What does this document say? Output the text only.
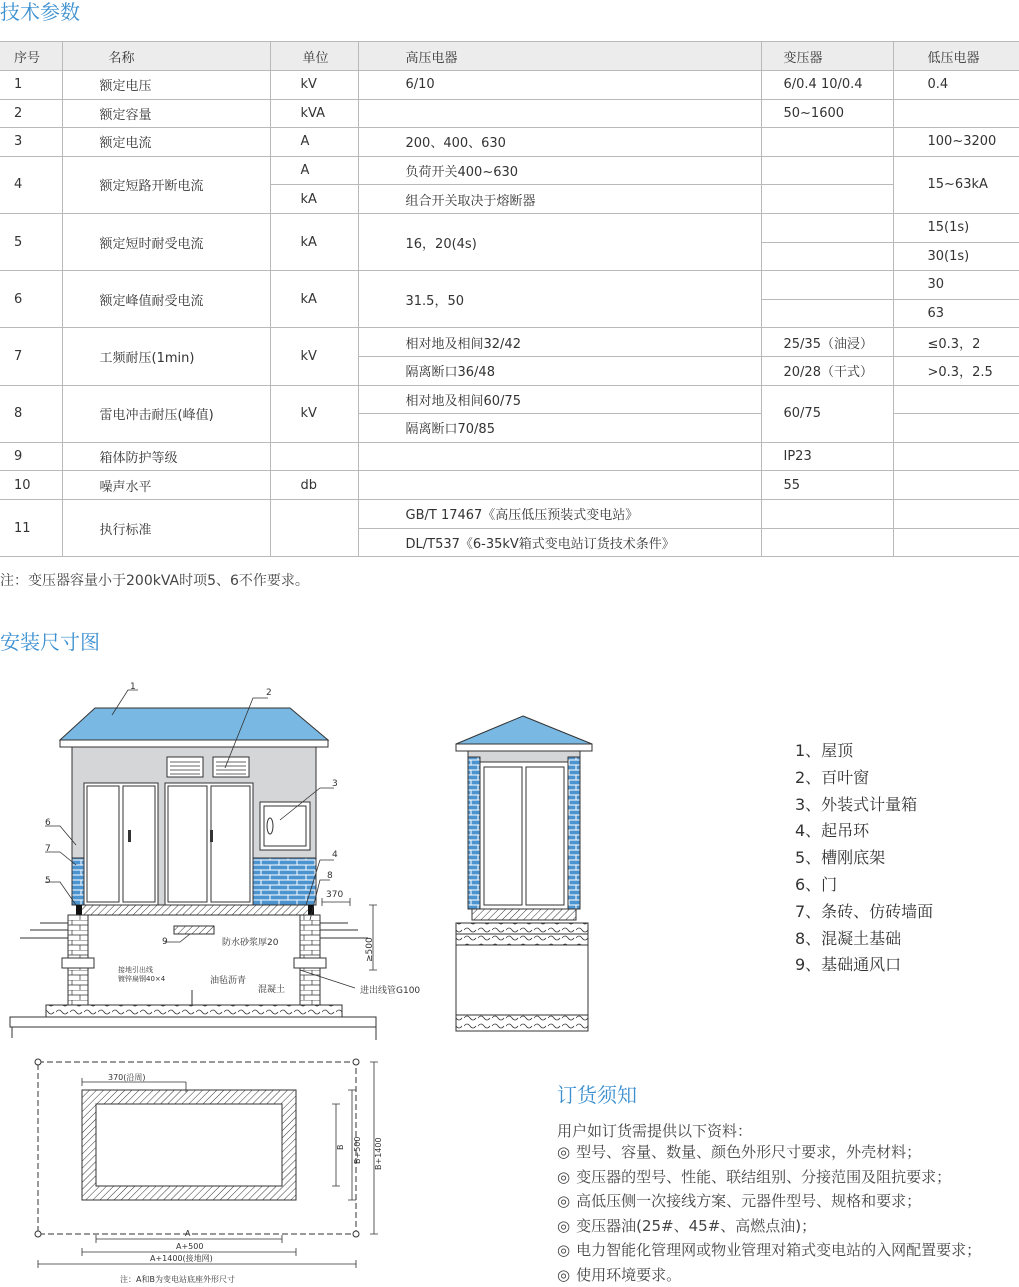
技术参数
序号	名称	单位	高压电器	变压器	低压电器
1	额定电压	kV	6/10	6/0.4 10/0.4	0.4
2	额定容量	kVA		50~1600	
3	额定电流	A	200、400、630		100~3200
4	额定短路开断电流	A	负荷开关400~630		15~63kA
		kA	组合开关取决于熔断器		
5	额定短时耐受电流	kA	16，20(4s)		15(1s)
					30(1s)
6	额定峰值耐受电流	kA	31.5，50		30
					63
7	工频耐压(1min)	kV	相对地及相间32/42	25/35（油浸）	≤0.3，2
			隔离断口36/48	20/28（干式）	>0.3，2.5
8	雷电冲击耐压(峰值)	kV	相对地及相间60/75	60/75	
			隔离断口70/85		
9	箱体防护等级			IP23	
10	噪声水平	db		55	
11	执行标准		GB/T 17467《高压低压预装式变电站》		
			DL/T537《6-35kV箱式变电站订货技术条件》		
注：变压器容量小于200kVA时项5、6不作要求。
安装尺寸图
1
2
3
4
5
6
7
8
9
370
≥500
防水砂浆厚20
油毡沥青
混凝土	进出线管G100
接地引出线
镀锌扁钢40×4
370(沿周)
A
A+500
A+1400(接地网)
B B+500 B+1400
注：A和B为变电站底座外形尺寸
1、屋顶
2、百叶窗
3、外装式计量箱
4、起吊环
5、槽刚底架
6、门
7、条砖、仿砖墙面
8、混凝土基础
9、基础通风口
订货须知
用户如订货需提供以下资料：
◎ 型号、容量、数量、颜色外形尺寸要求，外壳材料；
◎ 变压器的型号、性能、联结组别、分接范围及阻抗要求；
◎ 高低压侧一次接线方案、元器件型号、规格和要求；
◎ 变压器油(25#、45#、高燃点油)；
◎ 电力智能化管理网或物业管理对箱式变电站的入网配置要求；
◎ 使用环境要求。
